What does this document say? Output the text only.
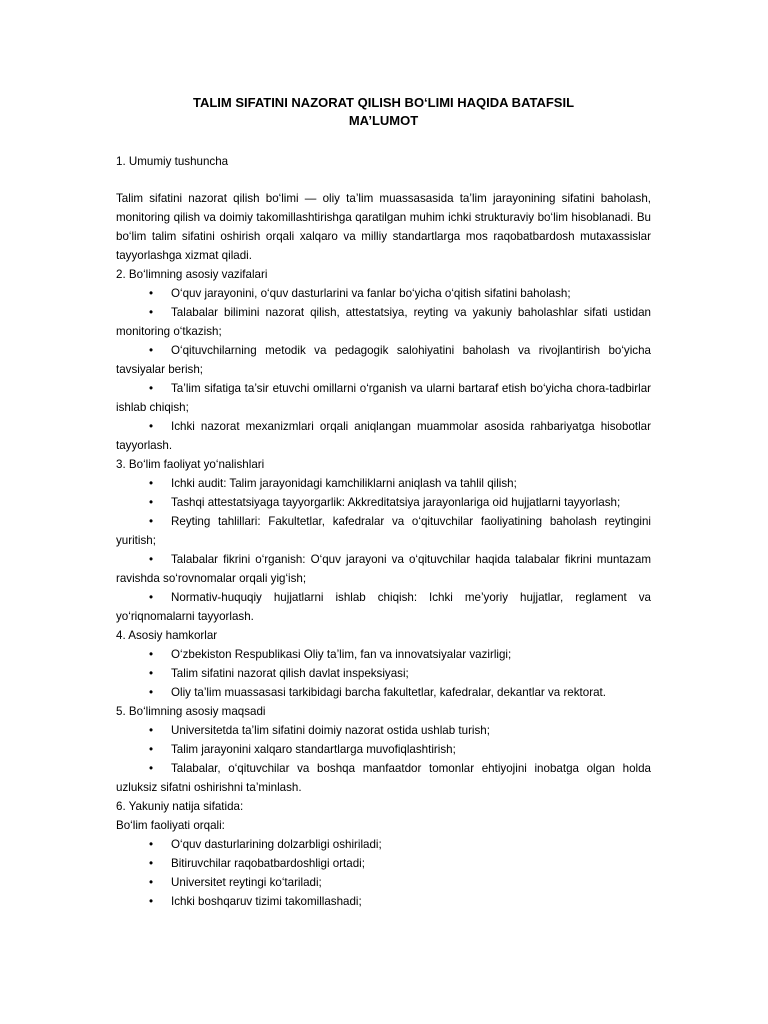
TALIM SIFATINI NAZORAT QILISH BO‘LIMI HAQIDA BATAFSIL
MA’LUMOT

1. Umumiy tushuncha

Talim sifatini nazorat qilish bo‘limi — oliy ta’lim muassasasida ta’lim jarayonining sifatini baholash, monitoring qilish va doimiy takomillashtirishga qaratilgan muhim ichki strukturaviy bo‘lim hisoblanadi. Bu bo‘lim talim sifatini oshirish orqali xalqaro va milliy standartlarga mos raqobatbardosh mutaxassislar tayyorlashga xizmat qiladi.

2. Bo‘limning asosiy vazifalari

• O‘quv jarayonini, o‘quv dasturlarini va fanlar bo‘yicha o‘qitish sifatini baholash;
• Talabalar bilimini nazorat qilish, attestatsiya, reyting va yakuniy baholashlar sifati ustidan monitoring o‘tkazish;
• O‘qituvchilarning metodik va pedagogik salohiyatini baholash va rivojlantirish bo‘yicha tavsiyalar berish;
• Ta’lim sifatiga ta’sir etuvchi omillarni o‘rganish va ularni bartaraf etish bo‘yicha chora-tadbirlar ishlab chiqish;
• Ichki nazorat mexanizmlari orqali aniqlangan muammolar asosida rahbariyatga hisobotlar tayyorlash.

3. Bo‘lim faoliyat yo‘nalishlari

• Ichki audit: Talim jarayonidagi kamchiliklarni aniqlash va tahlil qilish;
• Tashqi attestatsiyaga tayyorgarlik: Akkreditatsiya jarayonlariga oid hujjatlarni tayyorlash;
• Reyting tahlillari: Fakultetlar, kafedralar va o‘qituvchilar faoliyatining baholash reytingini yuritish;
• Talabalar fikrini o‘rganish: O‘quv jarayoni va o‘qituvchilar haqida talabalar fikrini muntazam ravishda so‘rovnomalar orqali yig‘ish;
• Normativ-huquqiy hujjatlarni ishlab chiqish: Ichki me’yoriy hujjatlar, reglament va yo‘riqnomalarni tayyorlash.

4. Asosiy hamkorlar

• O‘zbekiston Respublikasi Oliy ta’lim, fan va innovatsiyalar vazirligi;
• Talim sifatini nazorat qilish davlat inspeksiyasi;
• Oliy ta’lim muassasasi tarkibidagi barcha fakultetlar, kafedralar, dekantlar va rektorat.

5. Bo‘limning asosiy maqsadi

• Universitetda ta’lim sifatini doimiy nazorat ostida ushlab turish;
• Talim jarayonini xalqaro standartlarga muvofiqlashtirish;
• Talabalar, o‘qituvchilar va boshqa manfaatdor tomonlar ehtiyojini inobatga olgan holda uzluksiz sifatni oshirishni ta’minlash.

6. Yakuniy natija sifatida:

Bo‘lim faoliyati orqali:

• O‘quv dasturlarining dolzarbligi oshiriladi;
• Bitiruvchilar raqobatbardoshligi ortadi;
• Universitet reytingi ko‘tariladi;
• Ichki boshqaruv tizimi takomillashadi;
